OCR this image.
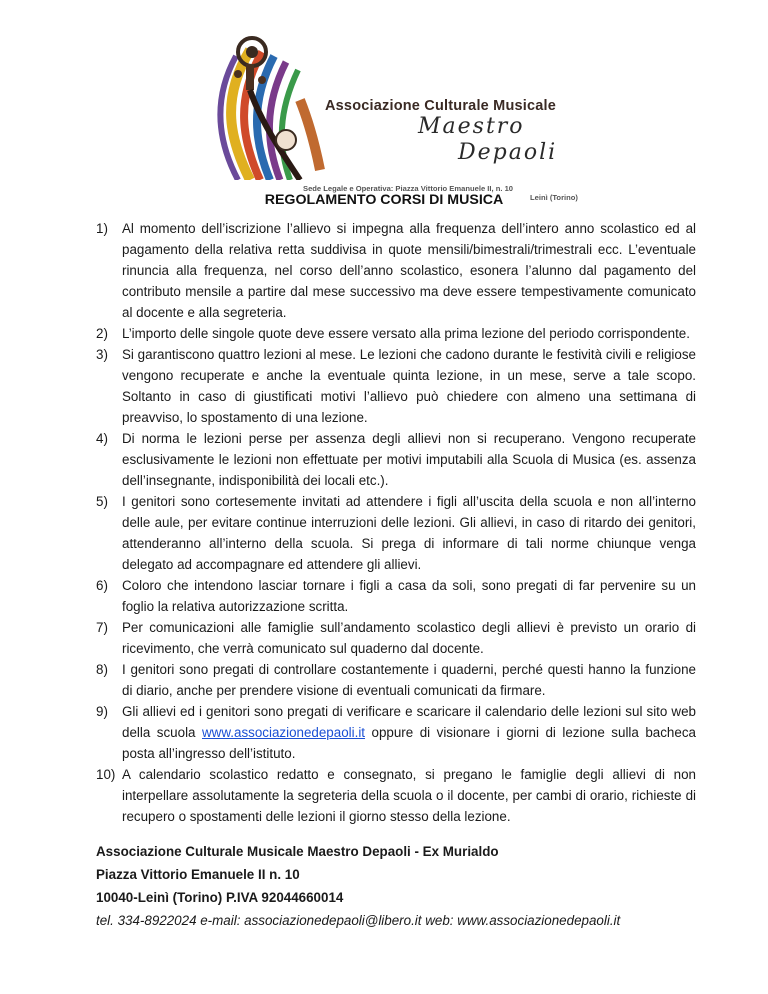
Associazione Culturale Musicale
Maestro
Depaoli
Sede Legale e Operativa: Piazza Vittorio Emanuele II, n. 10
Leinì (Torino)
REGOLAMENTO CORSI DI MUSICA
1) Al momento dell’iscrizione l’allievo si impegna alla frequenza dell’intero anno scolastico ed al pagamento della relativa retta suddivisa in quote mensili/bimestrali/trimestrali ecc. L’eventuale rinuncia alla frequenza, nel corso dell’anno scolastico, esonera l’alunno dal pagamento del contributo mensile a partire dal mese successivo ma deve essere tempestivamente comunicato al docente e alla segreteria.
2) L’importo delle singole quote deve essere versato alla prima lezione del periodo corrispondente.
3) Si garantiscono quattro lezioni al mese. Le lezioni che cadono durante le festività civili e religiose vengono recuperate e anche la eventuale quinta lezione, in un mese, serve a tale scopo. Soltanto in caso di giustificati motivi l’allievo può chiedere con almeno una settimana di preavviso, lo spostamento di una lezione.
4) Di norma le lezioni perse per assenza degli allievi non si recuperano. Vengono recuperate esclusivamente le lezioni non effettuate per motivi imputabili alla Scuola di Musica (es. assenza dell’insegnante, indisponibilità dei locali etc.).
5) I genitori sono cortesemente invitati ad attendere i figli all’uscita della scuola e non all’interno delle aule, per evitare continue interruzioni delle lezioni. Gli allievi, in caso di ritardo dei genitori, attenderanno all’interno della scuola. Si prega di informare di tali norme chiunque venga delegato ad accompagnare ed attendere gli allievi.
6) Coloro che intendono lasciar tornare i figli a casa da soli, sono pregati di far pervenire su un foglio la relativa autorizzazione scritta.
7) Per comunicazioni alle famiglie sull’andamento scolastico degli allievi è previsto un orario di ricevimento, che verrà comunicato sul quaderno dal docente.
8) I genitori sono pregati di controllare costantemente i quaderni, perché questi hanno la funzione di diario, anche per prendere visione di eventuali comunicati da firmare.
9) Gli allievi ed i genitori sono pregati di verificare e scaricare il calendario delle lezioni sul sito web della scuola www.associazionedepaoli.it oppure di visionare i giorni di lezione sulla bacheca posta all’ingresso dell’istituto.
10) A calendario scolastico redatto e consegnato, si pregano le famiglie degli allievi di non interpellare assolutamente la segreteria della scuola o il docente, per cambi di orario, richieste di recupero o spostamenti delle lezioni il giorno stesso della lezione.
Associazione Culturale Musicale Maestro Depaoli - Ex Murialdo
Piazza Vittorio Emanuele II n. 10
10040-Leinì (Torino) P.IVA 92044660014
tel. 334-8922024 e-mail: associazionedepaoli@libero.it web: www.associazionedepaoli.it
